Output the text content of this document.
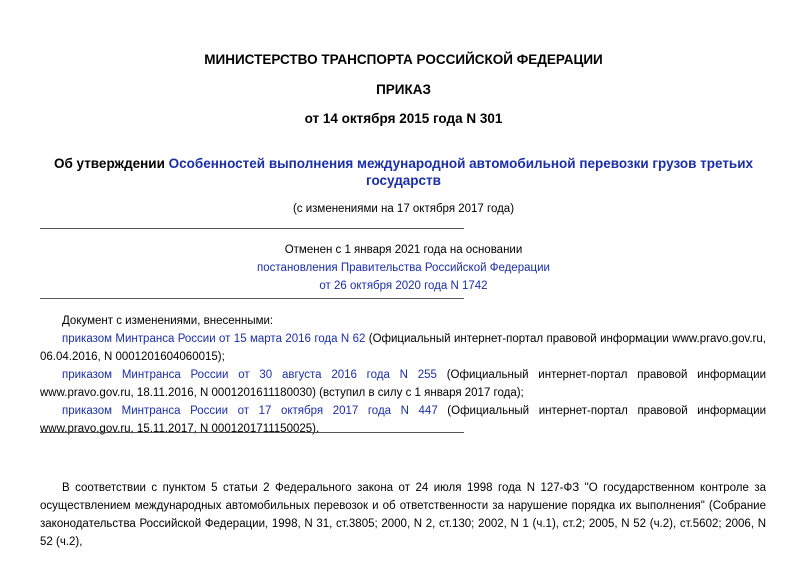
МИНИСТЕРСТВО ТРАНСПОРТА РОССИЙСКОЙ ФЕДЕРАЦИИ
ПРИКАЗ
от 14 октября 2015 года N 301
Об утверждении Особенностей выполнения международной автомобильной перевозки грузов третьих
государств
(с изменениями на 17 октября 2017 года)
Отменен с 1 января 2021 года на основании
постановления Правительства Российской Федерации
от 26 октября 2020 года N 1742
Документ с изменениями, внесенными:
приказом Минтранса России от 15 марта 2016 года N 62 (Официальный интернет-портал правовой информации www.pravo.gov.ru, 06.04.2016, N 0001201604060015);
приказом Минтранса России от 30 августа 2016 года N 255 (Официальный интернет-портал правовой информации www.pravo.gov.ru, 18.11.2016, N 0001201611180030) (вступил в силу с 1 января 2017 года);
приказом Минтранса России от 17 октября 2017 года N 447 (Официальный интернет-портал правовой информации www.pravo.gov.ru, 15.11.2017, N 0001201711150025).
В соответствии с пунктом 5 статьи 2 Федерального закона от 24 июля 1998 года N 127-ФЗ "О государственном контроле за осуществлением международных автомобильных перевозок и об ответственности за нарушение порядка их выполнения" (Собрание законодательства Российской Федерации, 1998, N 31, ст.3805; 2000, N 2, ст.130; 2002, N 1 (ч.1), ст.2; 2005, N 52 (ч.2), ст.5602; 2006, N 52 (ч.2),
